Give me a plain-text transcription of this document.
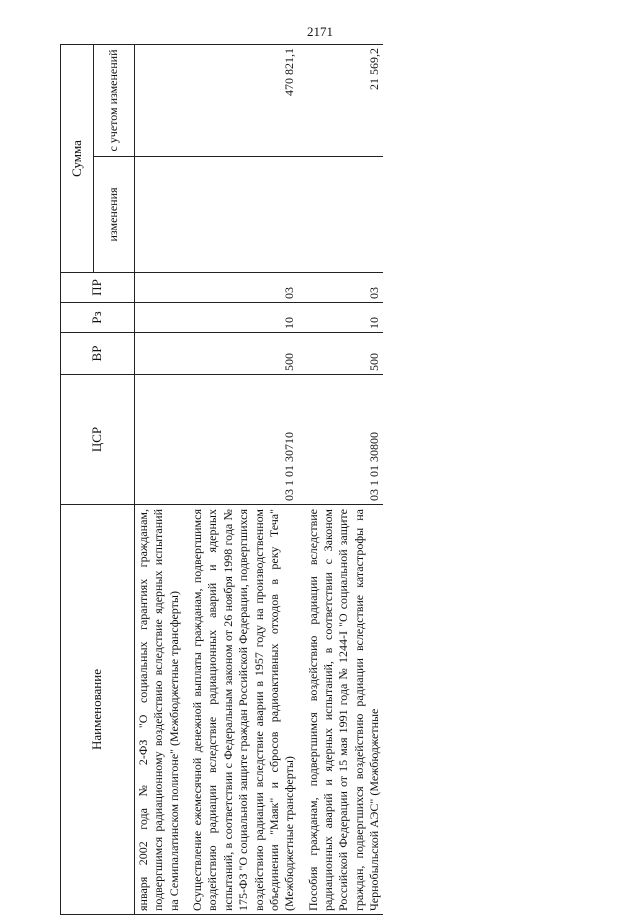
2171
Наименование	ЦСР	ВР	Рз	ПР	Сумма	
					изменения	с учетом изменений
января 2002 года № 2-ФЗ "О социальных гарантиях гражданам, подвергшимся радиационному воздействию вследствие ядерных испытаний на Семипалатинском полигоне" (Межбюджетные трансферты)						

Осуществление ежемесячной денежной выплаты гражданам, подвергшимся воздействию радиации вследствие радиационных аварий и ядерных испытаний, в соответствии с Федеральным законом от 26 ноября 1998 года № 175-ФЗ "О социальной защите граждан Российской Федерации, подвергшихся воздействию радиации вследствие аварии в 1957 году на производственном объединении "Маяк" и сбросов радиоактивных отходов в реку Теча" (Межбюджетные трансферты)	03 1 01 30710	500	10	03		470 821,1

Пособия гражданам, подвергшимся воздействию радиации вследствие радиационных аварий и ядерных испытаний, в соответствии с Законом Российской Федерации от 15 мая 1991 года № 1244-I "О социальной защите граждан, подвергшихся воздействию радиации вследствие катастрофы на Чернобыльской АЭС" (Межбюджетные	03 1 01 30800	500	10	03		21 569,2
